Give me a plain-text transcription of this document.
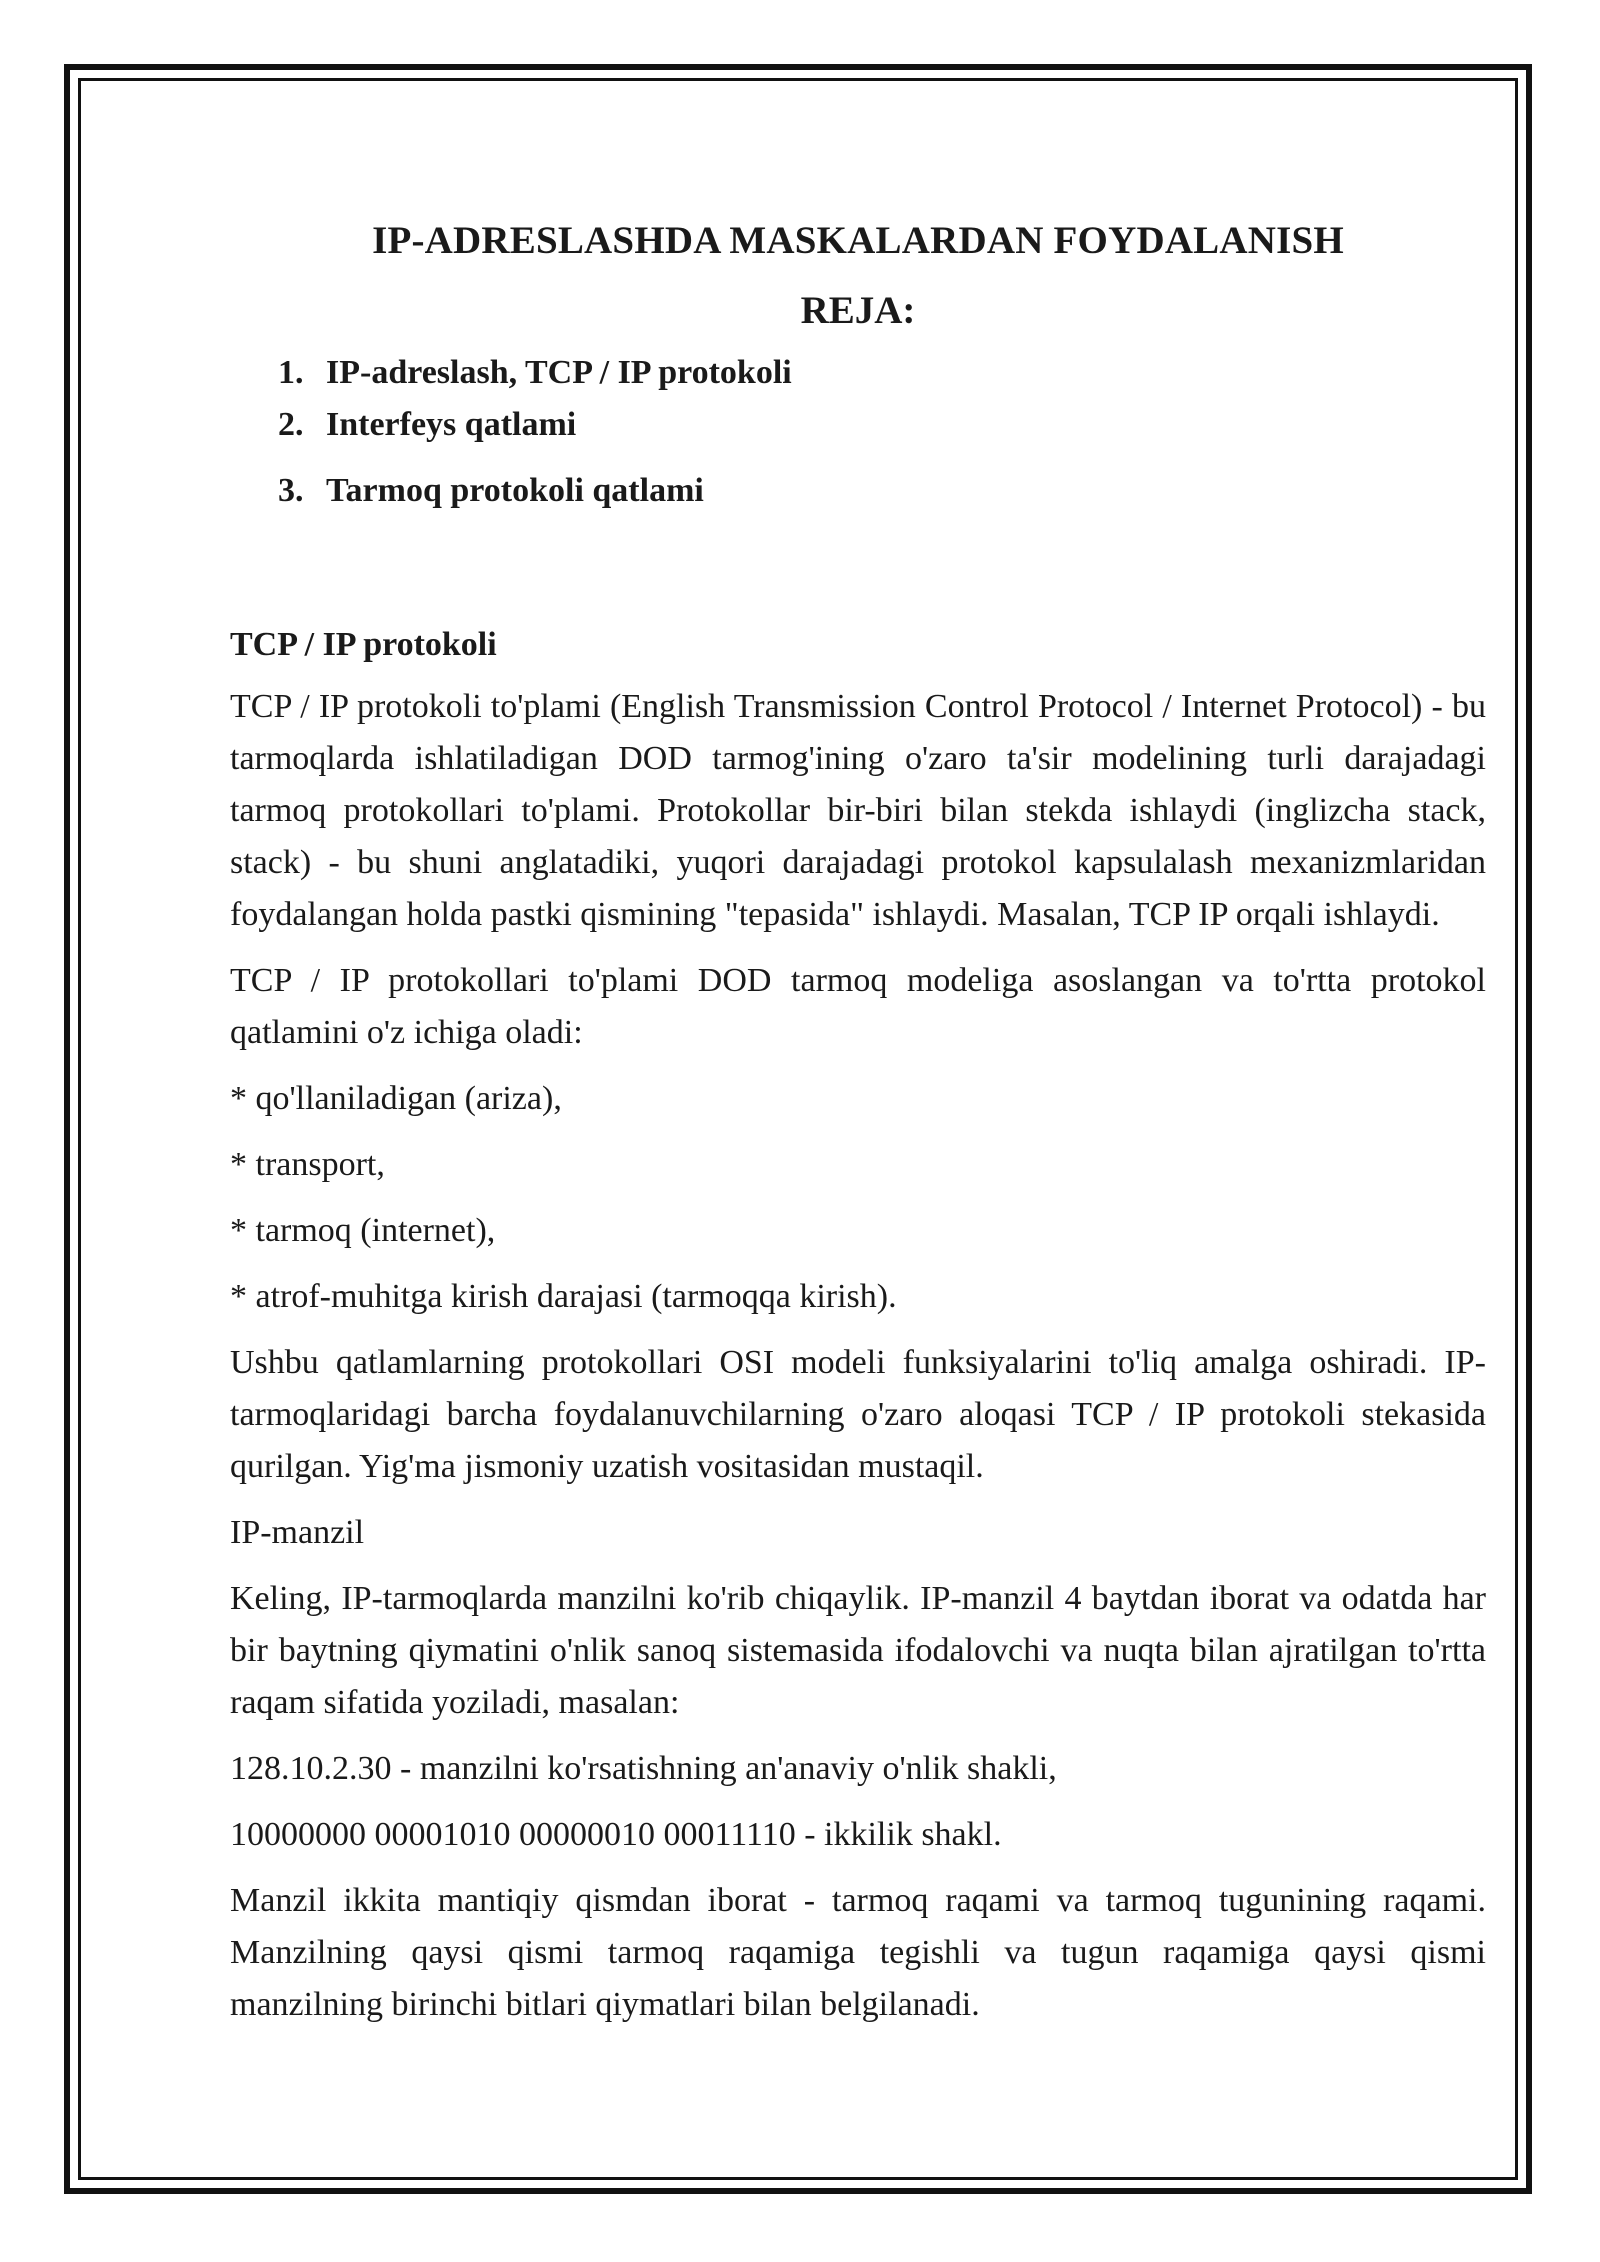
IP-ADRESLASHDA MASKALARDAN FOYDALANISH
REJA:
1. IP-adreslash, TCP / IP protokoli
2. Interfeys qatlami
3. Tarmoq protokoli qatlami
TCP / IP protokoli

TCP / IP protokoli to'plami (English Transmission Control Protocol / Internet Protocol) - bu tarmoqlarda ishlatiladigan DOD tarmog'ining o'zaro ta'sir modelining turli darajadagi tarmoq protokollari to'plami. Protokollar bir-biri bilan stekda ishlaydi (inglizcha stack, stack) - bu shuni anglatadiki, yuqori darajadagi protokol kapsulalash mexanizmlaridan foydalangan holda pastki qismining "tepasida" ishlaydi. Masalan, TCP IP orqali ishlaydi.

TCP / IP protokollari to'plami DOD tarmoq modeliga asoslangan va to'rtta protokol qatlamini o'z ichiga oladi:

* qo'llaniladigan (ariza),

* transport,

* tarmoq (internet),

* atrof-muhitga kirish darajasi (tarmoqqa kirish).

Ushbu qatlamlarning protokollari OSI modeli funksiyalarini to'liq amalga oshiradi. IP-tarmoqlaridagi barcha foydalanuvchilarning o'zaro aloqasi TCP / IP protokoli stekasida qurilgan. Yig'ma jismoniy uzatish vositasidan mustaqil.

IP-manzil

Keling, IP-tarmoqlarda manzilni ko'rib chiqaylik. IP-manzil 4 baytdan iborat va odatda har bir baytning qiymatini o'nlik sanoq sistemasida ifodalovchi va nuqta bilan ajratilgan to'rtta raqam sifatida yoziladi, masalan:

128.10.2.30 - manzilni ko'rsatishning an'anaviy o'nlik shakli,

10000000 00001010 00000010 00011110 - ikkilik shakl.

Manzil ikkita mantiqiy qismdan iborat - tarmoq raqami va tarmoq tugunining raqami. Manzilning qaysi qismi tarmoq raqamiga tegishli va tugun raqamiga qaysi qismi manzilning birinchi bitlari qiymatlari bilan belgilanadi.
